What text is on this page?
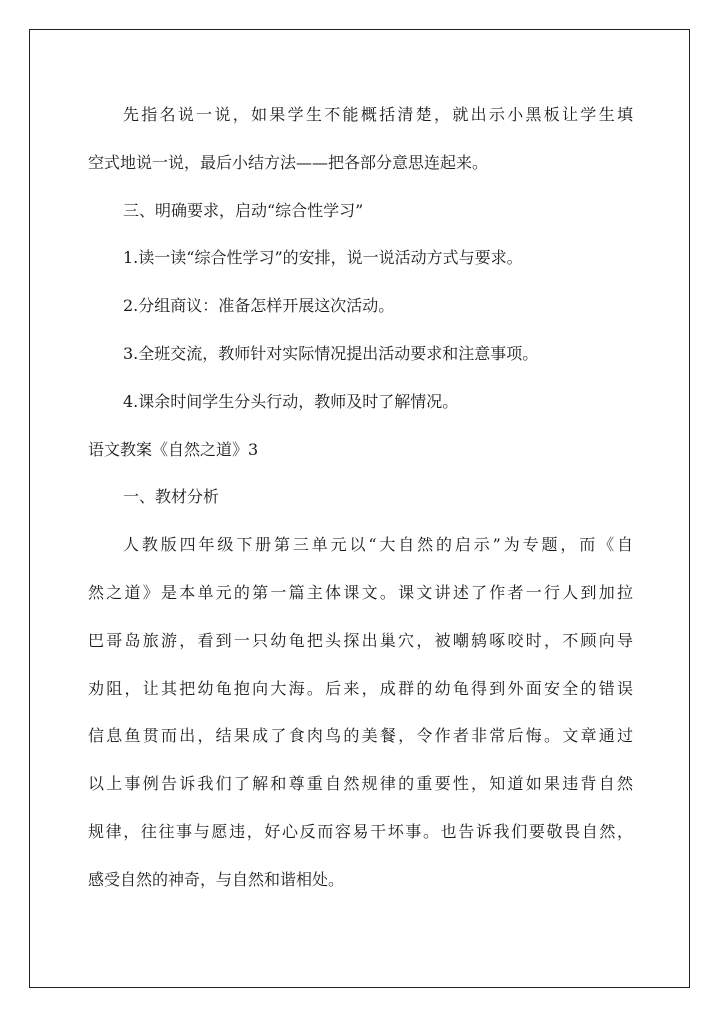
先指名说一说，如果学生不能概括清楚，就出示小黑板让学生填
空式地说一说，最后小结方法——把各部分意思连起来。
三、明确要求，启动“综合性学习”
1.读一读“综合性学习”的安排，说一说活动方式与要求。
2.分组商议：准备怎样开展这次活动。
3.全班交流，教师针对实际情况提出活动要求和注意事项。
4.课余时间学生分头行动，教师及时了解情况。
语文教案《自然之道》3
一、教材分析
人教版四年级下册第三单元以“大自然的启示”为专题，而《自
然之道》是本单元的第一篇主体课文。课文讲述了作者一行人到加拉
巴哥岛旅游，看到一只幼龟把头探出巢穴，被嘲鸫啄咬时，不顾向导
劝阻，让其把幼龟抱向大海。后来，成群的幼龟得到外面安全的错误
信息鱼贯而出，结果成了食肉鸟的美餐，令作者非常后悔。文章通过
以上事例告诉我们了解和尊重自然规律的重要性，知道如果违背自然
规律，往往事与愿违，好心反而容易干坏事。也告诉我们要敬畏自然，
感受自然的神奇，与自然和谐相处。
